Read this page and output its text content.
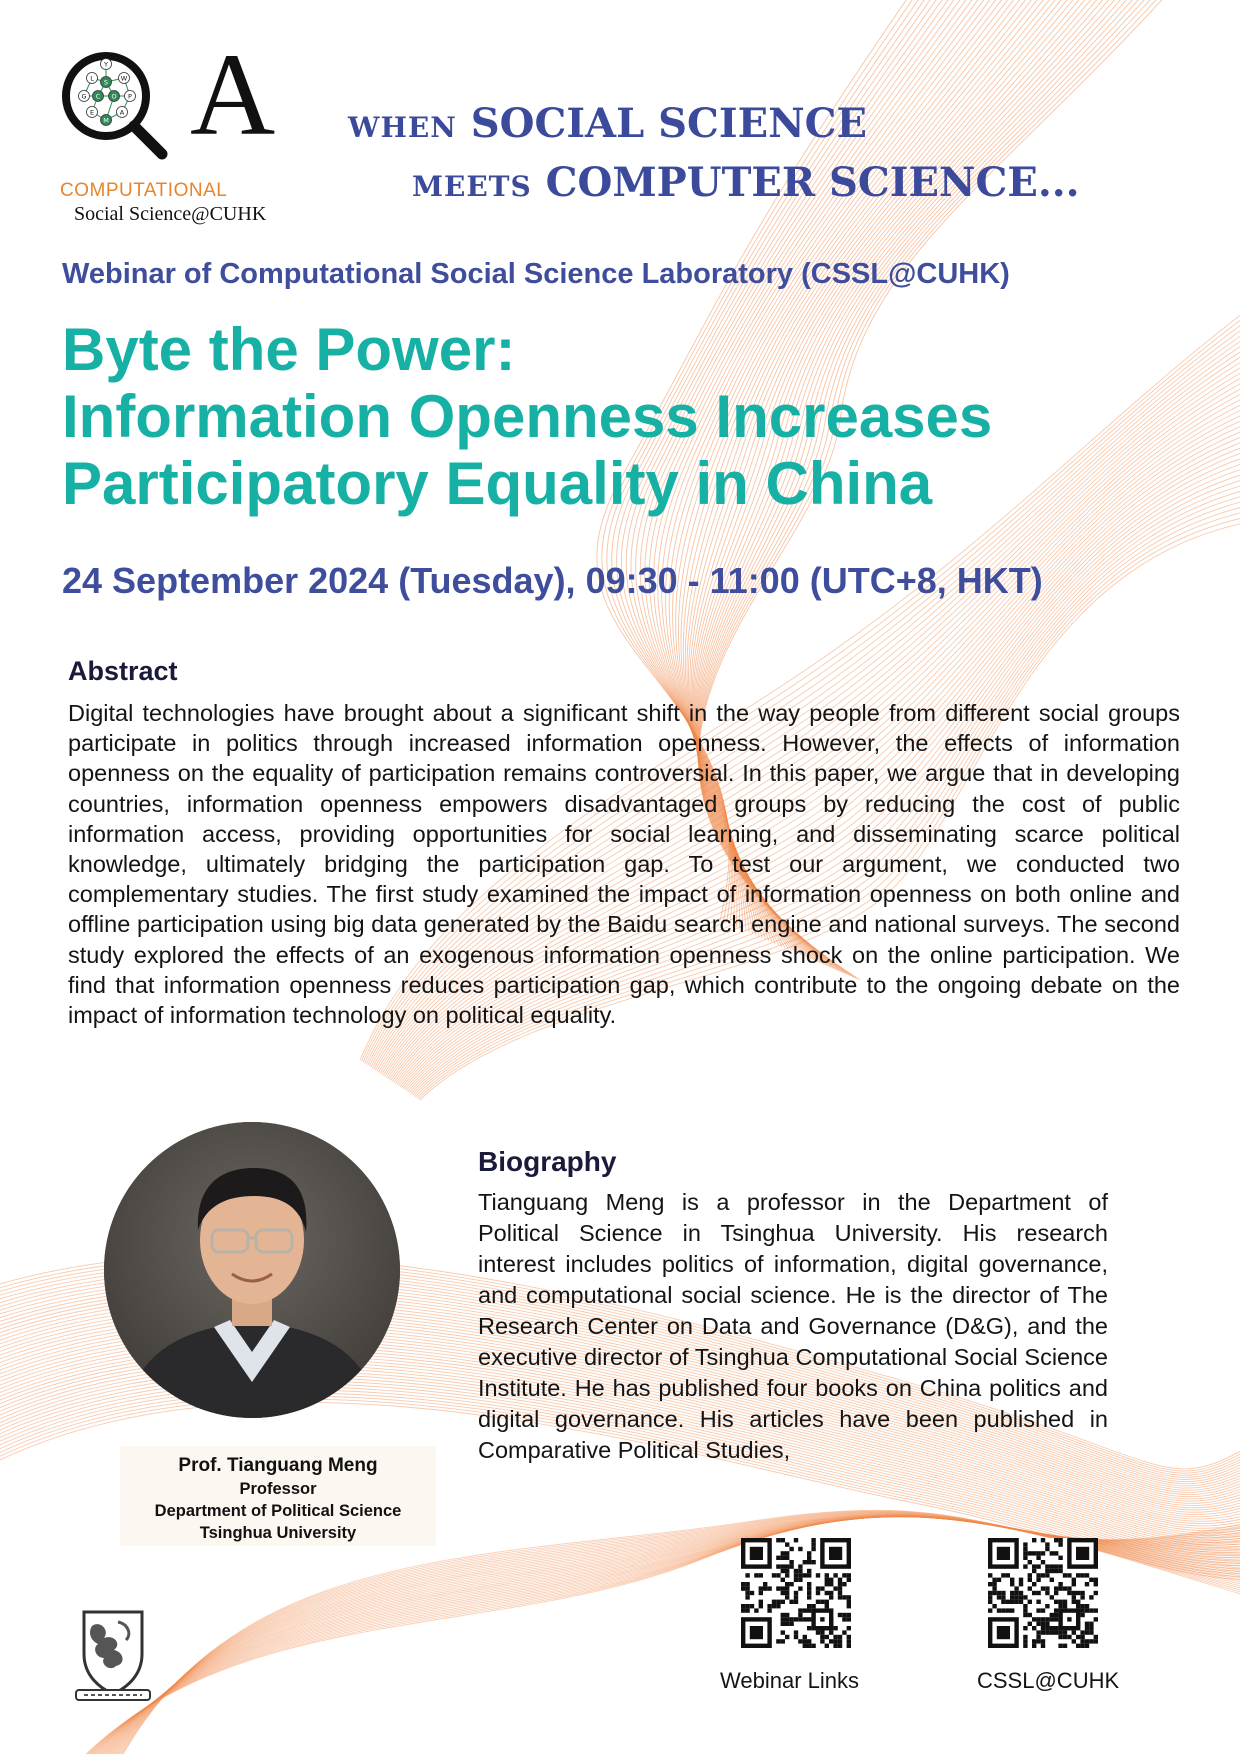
Y
L S W
G C O P
E
M
A A
COMPUTATIONAL
Social Science@CUHK
WHEN SOCIAL SCIENCE
MEETS COMPUTER SCIENCE...
Webinar of Computational Social Science Laboratory (CSSL@CUHK)
Byte the Power:
Information Openness Increases
Participatory Equality in China
24 September 2024 (Tuesday), 09:30 - 11:00 (UTC+8, HKT)
Abstract
Digital technologies have brought about a significant shift in the way people from different social groups participate in politics through increased information openness. However, the effects of information openness on the equality of participation remains controversial. In this paper, we argue that in developing countries, information openness empowers disadvantaged groups by reducing the cost of public information access, providing opportunities for social learning, and disseminating scarce political knowledge, ultimately bridging the participation gap. To test our argument, we conducted two complementary studies. The first study examined the impact of information openness on both online and offline participation using big data generated by the Baidu search engine and national surveys. The second study explored the effects of an exogenous information openness shock on the online participation. We find that information openness reduces participation gap, which contribute to the ongoing debate on the impact of information technology on political equality.
Prof. Tianguang Meng
Professor
Department of Political Science
Tsinghua University
Biography
Tianguang Meng is a professor in the Department of Political Science in Tsinghua University. His research interest includes politics of information, digital governance, and computational social science. He is the director of The Research Center on Data and Governance (D&G), and the executive director of Tsinghua Computational Social Science Institute. He has published four books on China politics and digital governance. His articles have been published in Comparative Political Studies,
Webinar Links	CSSL@CUHK
